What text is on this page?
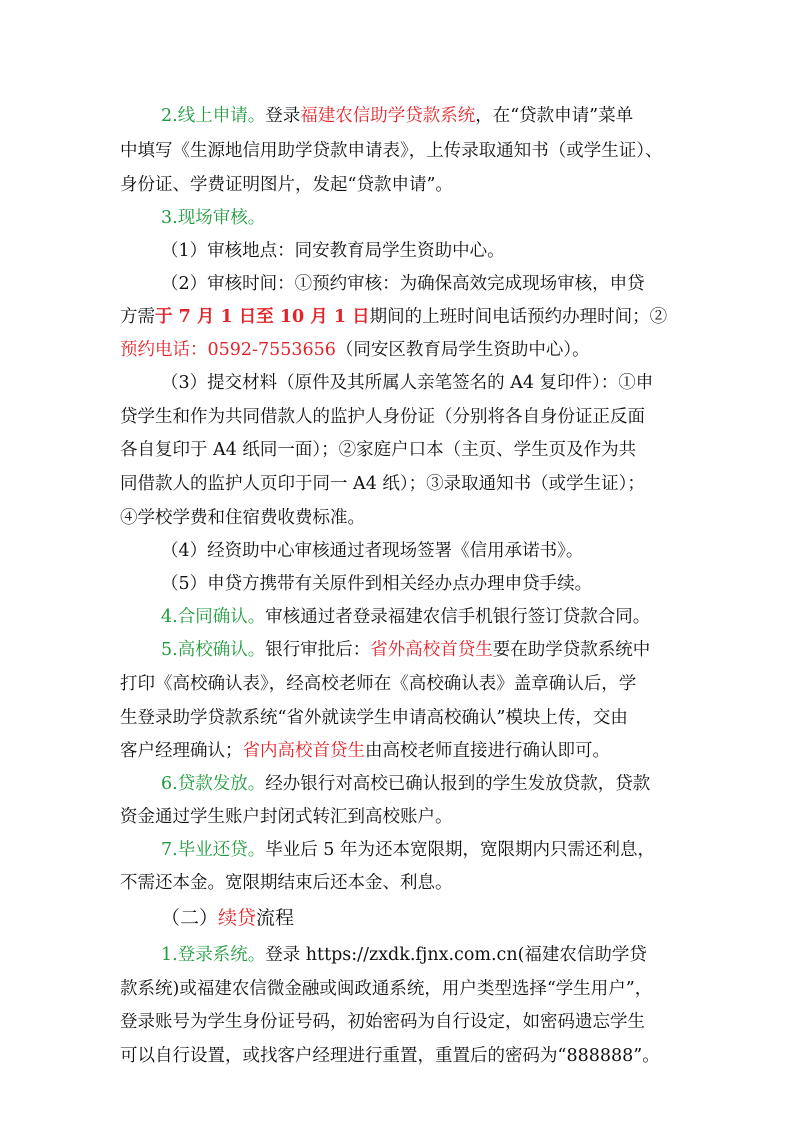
2.线上申请。登录福建农信助学贷款系统，在“贷款申请”菜单
中填写《生源地信用助学贷款申请表》，上传录取通知书（或学生证）、
身份证、学费证明图片，发起“贷款申请”。
3.现场审核。
（1）审核地点：同安教育局学生资助中心。
（2）审核时间：①预约审核：为确保高效完成现场审核，申贷
方需于 7 月 1 日至 10 月 1 日期间的上班时间电话预约办理时间；②
预约电话：0592-7553656（同安区教育局学生资助中心）。
（3）提交材料（原件及其所属人亲笔签名的 A4 复印件）：①申
贷学生和作为共同借款人的监护人身份证（分别将各自身份证正反面
各自复印于 A4 纸同一面）；②家庭户口本（主页、学生页及作为共
同借款人的监护人页印于同一 A4 纸）；③录取通知书（或学生证）；
④学校学费和住宿费收费标准。
（4）经资助中心审核通过者现场签署《信用承诺书》。
（5）申贷方携带有关原件到相关经办点办理申贷手续。
4.合同确认。审核通过者登录福建农信手机银行签订贷款合同。
5.高校确认。银行审批后：省外高校首贷生要在助学贷款系统中
打印《高校确认表》，经高校老师在《高校确认表》盖章确认后，学
生登录助学贷款系统“省外就读学生申请高校确认”模块上传，交由
客户经理确认；省内高校首贷生由高校老师直接进行确认即可。
6.贷款发放。经办银行对高校已确认报到的学生发放贷款，贷款
资金通过学生账户封闭式转汇到高校账户。
7.毕业还贷。毕业后 5 年为还本宽限期，宽限期内只需还利息，
不需还本金。宽限期结束后还本金、利息。
（二）续贷流程
1.登录系统。登录 https://zxdk.fjnx.com.cn(福建农信助学贷
款系统)或福建农信微金融或闽政通系统，用户类型选择“学生用户”，
登录账号为学生身份证号码，初始密码为自行设定，如密码遗忘学生
可以自行设置，或找客户经理进行重置，重置后的密码为“888888”。
